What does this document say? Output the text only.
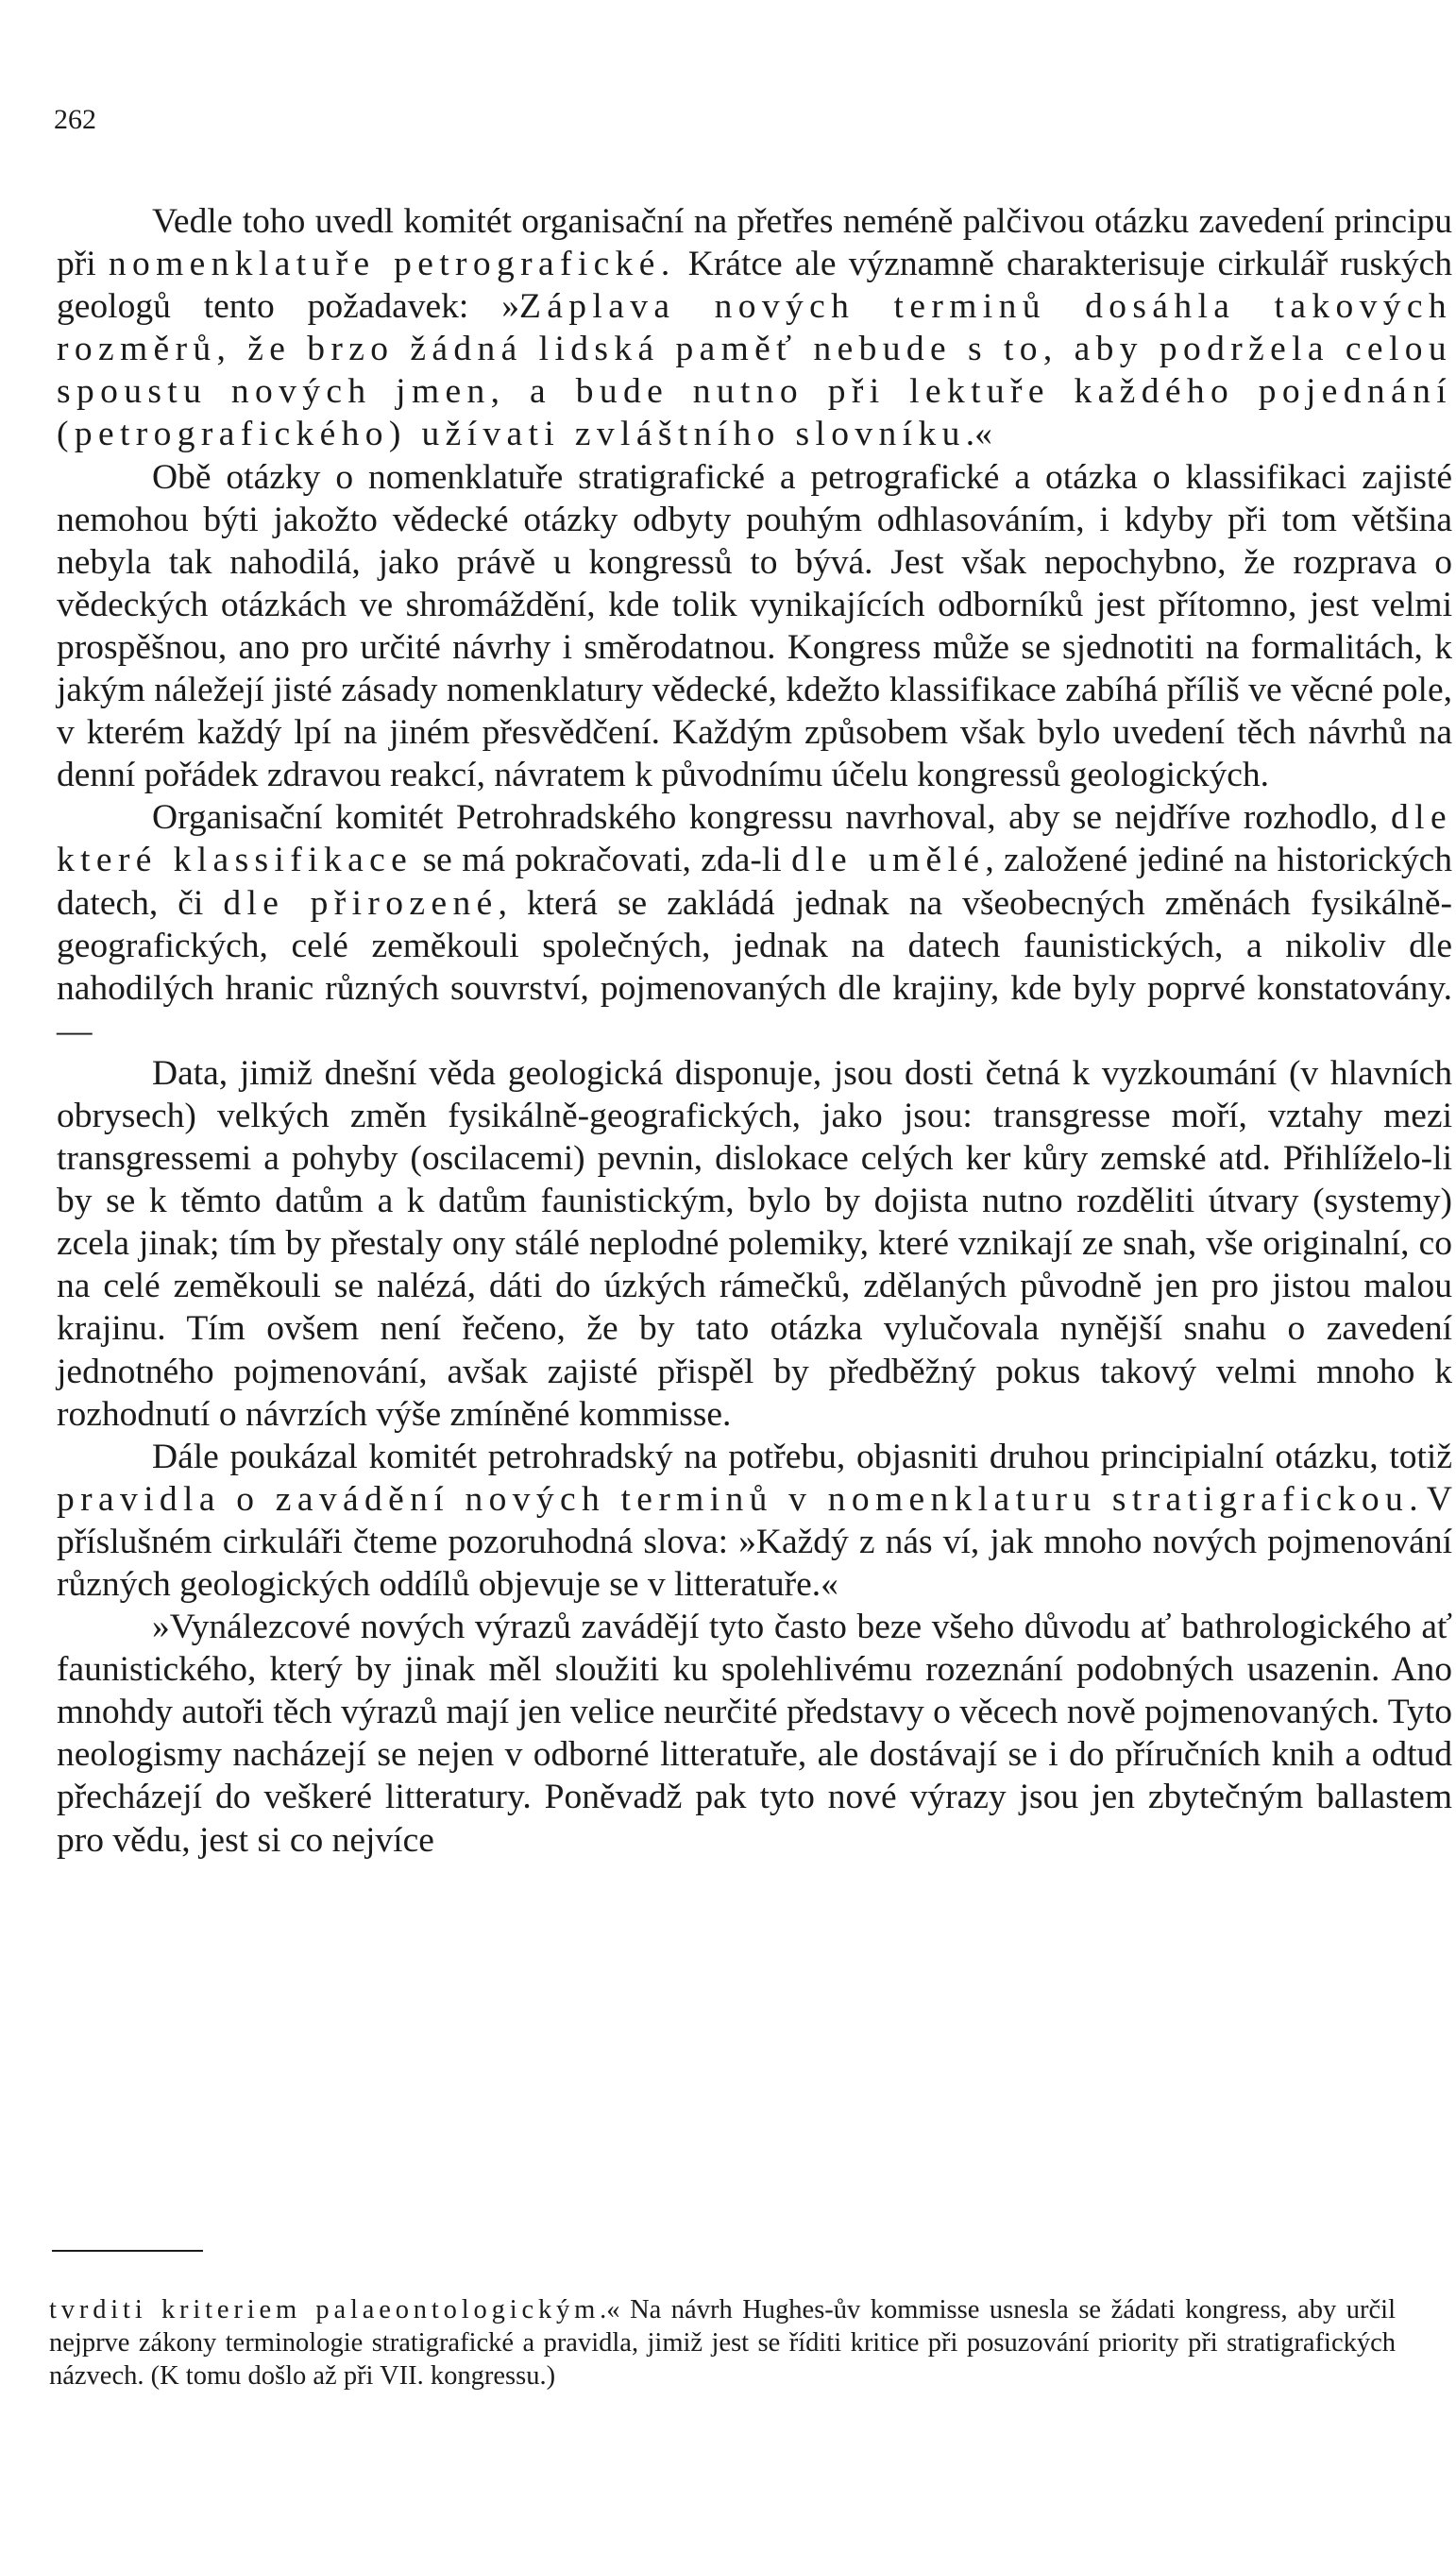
262

Vedle toho uvedl komitét organisační na přetřes neméně palčivou otázku zavedení principu při nomenklatuře petrografické. Krátce ale významně charakterisuje cirkulář ruských geologů tento požadavek: »Záplava nových terminů dosáhla takových rozměrů, že brzo žádná lidská paměť nebude s to, aby podržela celou spoustu nových jmen, a bude nutno při lektuře každého pojednání (petrografického) užívati zvláštního slovníku.«

Obě otázky o nomenklatuře stratigrafické a petrografické a otázka o klassifikaci zajisté nemohou býti jakožto vědecké otázky odbyty pouhým odhlasováním, i kdyby při tom většina nebyla tak nahodilá, jako právě u kongressů to bývá. Jest však nepochybno, že rozprava o vědeckých otázkách ve shromáždění, kde tolik vynikajících odborníků jest přítomno, jest velmi prospěšnou, ano pro určité návrhy i směrodatnou. Kongress může se sjednotiti na formalitách, k jakým náležejí jisté zásady nomenklatury vědecké, kdežto klassifikace zabíhá příliš ve věcné pole, v kterém každý lpí na jiném přesvědčení. Každým způsobem však bylo uvedení těch návrhů na denní pořádek zdravou reakcí, návratem k původnímu účelu kongressů geologických.

Organisační komitét Petrohradského kongressu navrhoval, aby se nejdříve rozhodlo, dle které klassifikace se má pokračovati, zda-li dle umělé, založené jediné na historických datech, či dle přirozené, která se zakládá jednak na všeobecných změnách fysikálně-geografických, celé zeměkouli společných, jednak na datech faunistických, a nikoliv dle nahodilých hranic různých souvrství, pojmenovaných dle krajiny, kde byly poprvé konstatovány. —

Data, jimiž dnešní věda geologická disponuje, jsou dosti četná k vyzkoumání (v hlavních obrysech) velkých změn fysikálně-geografických, jako jsou: transgresse moří, vztahy mezi transgressemi a pohyby (oscilacemi) pevnin, dislokace celých ker kůry zemské atd. Přihlíželo-li by se k těmto datům a k datům faunistickým, bylo by dojista nutno rozděliti útvary (systemy) zcela jinak; tím by přestaly ony stálé neplodné polemiky, které vznikají ze snah, vše originalní, co na celé zeměkouli se nalézá, dáti do úzkých rámečků, zdělaných původně jen pro jistou malou krajinu. Tím ovšem není řečeno, že by tato otázka vylučovala nynější snahu o zavedení jednotného pojmenování, avšak zajisté přispěl by předběžný pokus takový velmi mnoho k rozhodnutí o návrzích výše zmíněné kommisse.

Dále poukázal komitét petrohradský na potřebu, objasniti druhou principialní otázku, totiž pravidla o zavádění nových terminů v nomenklaturu stratigrafickou. V příslušném cirkuláři čteme pozoruhodná slova: »Každý z nás ví, jak mnoho nových pojmenování různých geologických oddílů objevuje se v litteratuře.«

»Vynálezcové nových výrazů zavádějí tyto často beze všeho důvodu ať bathrologického ať faunistického, který by jinak měl sloužiti ku spolehlivému rozeznání podobných usazenin. Ano mnohdy autoři těch výrazů mají jen velice neurčité představy o věcech nově pojmenovaných. Tyto neologismy nacházejí se nejen v odborné litteratuře, ale dostávají se i do příručních knih a odtud přecházejí do veškeré litteratury. Poněvadž pak tyto nové výrazy jsou jen zbytečným ballastem pro vědu, jest si co nejvíce

tvrditi kriteriem palaeontologickým.« Na návrh Hughes-ův kommisse usnesla se žádati kongress, aby určil nejprve zákony terminologie stratigrafické a pravidla, jimiž jest se říditi kritice při posuzování priority při stratigrafických názvech. (K tomu došlo až při VII. kongressu.)
